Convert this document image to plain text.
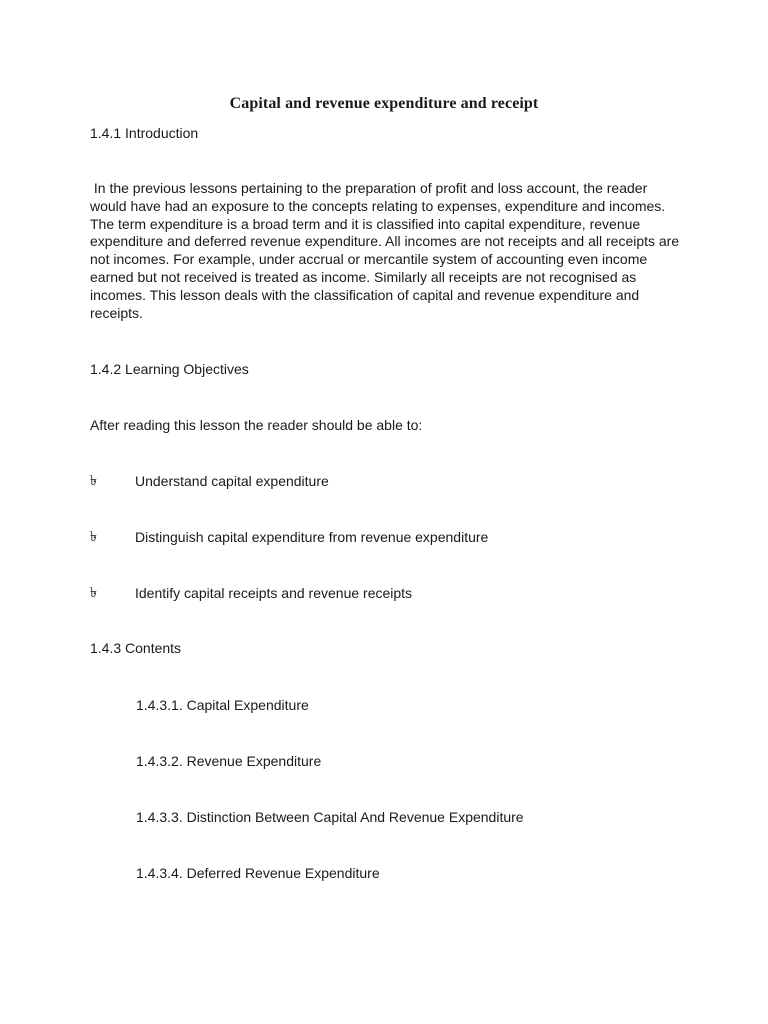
Capital and revenue expenditure and receipt
1.4.1 Introduction
In the previous lessons pertaining to the preparation of profit and loss account, the reader
would have had an exposure to the concepts relating to expenses, expenditure and incomes.
The term expenditure is a broad term and it is classified into capital expenditure, revenue
expenditure and deferred revenue expenditure. All incomes are not receipts and all receipts are
not incomes. For example, under accrual or mercantile system of accounting even income
earned but not received is treated as income. Similarly all receipts are not recognised as
incomes. This lesson deals with the classification of capital and revenue expenditure and
receipts.
1.4.2 Learning Objectives
After reading this lesson the reader should be able to:
৳	Understand capital expenditure
৳	Distinguish capital expenditure from revenue expenditure
৳	Identify capital receipts and revenue receipts
1.4.3 Contents
1.4.3.1. Capital Expenditure
1.4.3.2. Revenue Expenditure
1.4.3.3. Distinction Between Capital And Revenue Expenditure
1.4.3.4. Deferred Revenue Expenditure
